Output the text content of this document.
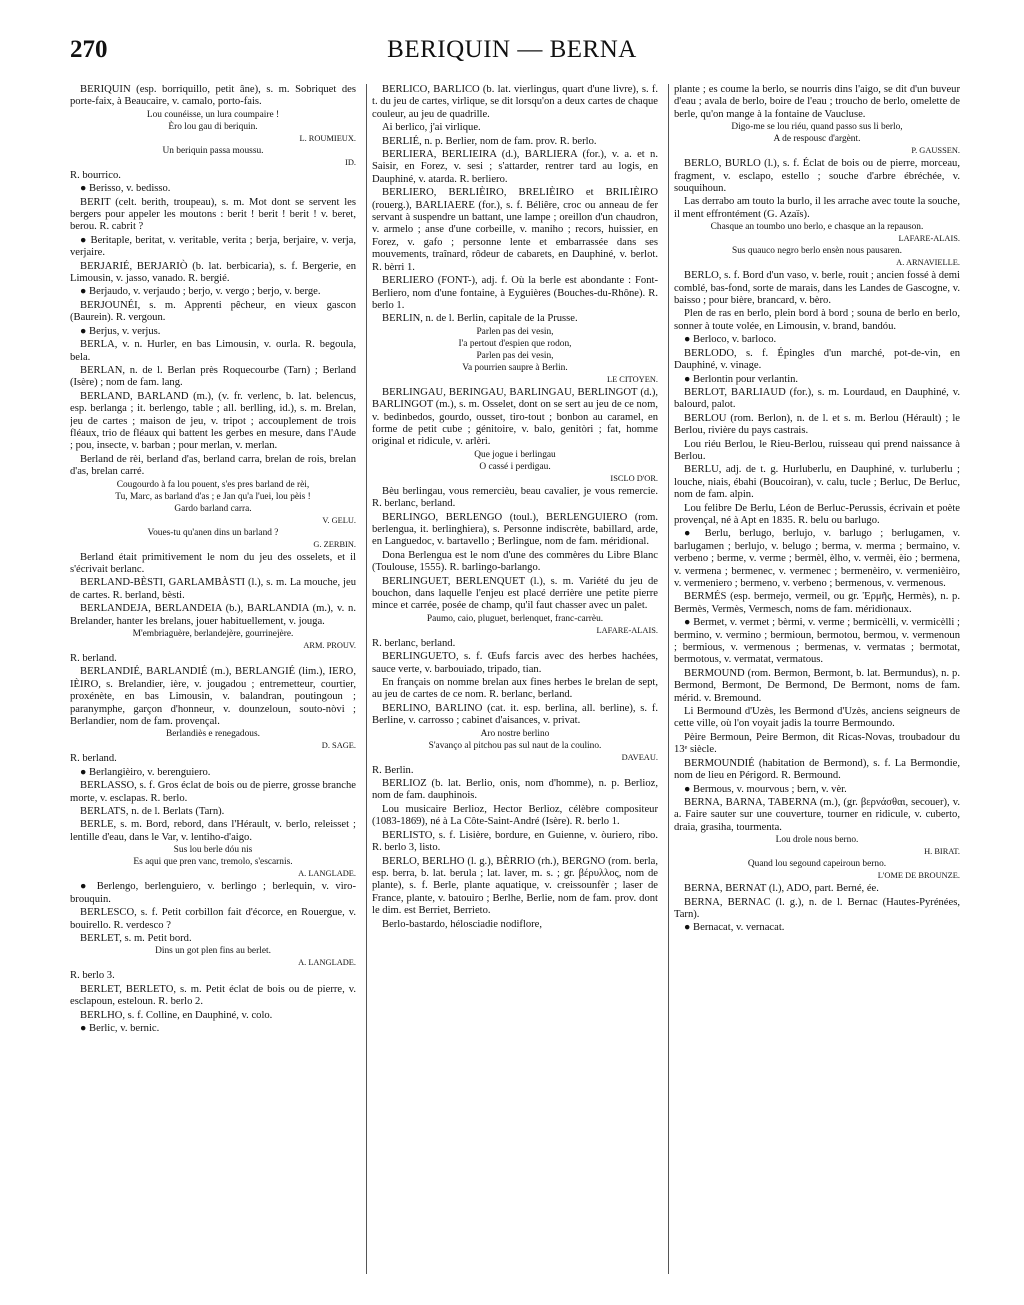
270	BERIQUIN — BERNA

BERIQUIN (esp. borriquillo, petit âne), s. m. Sobriquet des porte-faix, à Beaucaire, v. camalo, porto-fais.

Lou counéisse, un lura coumpaire !

Èro lou gau di beriquin.

L. ROUMIEUX.

Un beriquin passa moussu.

ID.

R. bourrico.

● Berisso, v. bedisso.

BERIT (celt. berith, troupeau), s. m. Mot dont se servent les bergers pour appeler les moutons : berit ! berit ! berit ! v. beret, berou. R. cabrit ?

● Beritaple, beritat, v. veritable, verita ; berja, berjaire, v. verja, verjaire.

BERJARIÉ, BERJARIÒ (b. lat. berbicaria), s. f. Bergerie, en Limousin, v. jasso, vanado. R. bergié.

● Berjaudo, v. verjaudo ; berjo, v. vergo ; berjo, v. berge.

BERJOUNÉI, s. m. Apprenti pêcheur, en vieux gascon (Baurein). R. vergoun.

● Berjus, v. verjus.

BERLA, v. n. Hurler, en bas Limousin, v. ourla. R. begoula, bela.

BERLAN, n. de l. Berlan près Roquecourbe (Tarn) ; Berland (Isère) ; nom de fam. lang.

BERLAND, BARLAND (m.), (v. fr. verlenc, b. lat. belencus, esp. berlanga ; it. berlengo, table ; all. berlling, id.), s. m. Brelan, jeu de cartes ; maison de jeu, v. tripot ; accouplement de trois fléaux, trio de fléaux qui battent les gerbes en mesure, dans l'Aude ; pou, insecte, v. barban ; pour merlan, v. merlan.

Berland de rèi, berland d'as, berland carra, brelan de rois, brelan d'as, brelan carré.

Cougourdo à fa lou pouent, s'es pres barland de rèi,

Tu, Marc, as barland d'as ; e Jan qu'a l'uei, lou pèis !

Gardo barland carra.

V. GELU.

Voues-tu qu'anen dins un barland ?

G. ZERBIN.

Berland était primitivement le nom du jeu des osselets, et il s'écrivait berlanc.

BERLAND-BÈSTI, GARLAMBÀSTI (l.), s. m. La mouche, jeu de cartes. R. berland, bèsti.

BERLANDEJA, BERLANDEIA (b.), BARLANDIA (m.), v. n. Brelander, hanter les brelans, jouer habituellement, v. jouga.

M'embriaguère, berlandejère, gourrinejère.

ARM. PROUV.

R. berland.

BERLANDIÉ, BARLANDIÉ (m.), BERLANGIÉ (lim.), IERO, IÈIRO, s. Brelandier, ière, v. jougadou ; entremetteur, courtier, proxénète, en bas Limousin, v. balandran, poutingoun ; paranymphe, garçon d'honneur, v. dounzeloun, souto-nòvi ; Berlandier, nom de fam. provençal.

Berlandiès e renegadous.

D. SAGE.

R. berland.

● Berlangièiro, v. berenguiero.

BERLASSO, s. f. Gros éclat de bois ou de pierre, grosse branche morte, v. esclapas. R. berlo.

BERLATS, n. de l. Berlats (Tarn).

BERLE, s. m. Bord, rebord, dans l'Hérault, v. berlo, releisset ; lentille d'eau, dans le Var, v. lentiho-d'aigo.

Sus lou berle dóu nis

Es aqui que pren vanc, tremolo, s'escarnis.

A. LANGLADE.

● Berlengo, berlenguiero, v. berlingo ; berlequin, v. vìro-brouquin.

BERLESCO, s. f. Petit corbillon fait d'écorce, en Rouergue, v. bouirello. R. verdesco ?

BERLET, s. m. Petit bord.

Dins un got plen fins au berlet.

A. LANGLADE.

R. berlo 3.

BERLET, BERLETO, s. m. Petit éclat de bois ou de pierre, v. esclapoun, esteloun. R. berlo 2.

BERLHO, s. f. Colline, en Dauphiné, v. colo.

● Berlic, v. bernic.

BERLICO, BARLICO (b. lat. vierlingus, quart d'une livre), s. f. t. du jeu de cartes, virlique, se dit lorsqu'on a deux cartes de chaque couleur, au jeu de quadrille.

Ai berlico, j'ai virlique.

BERLIÉ, n. p. Berlier, nom de fam. prov. R. berlo.

BERLIERA, BERLIEIRA (d.), BARLIERA (for.), v. a. et n. Saisir, en Forez, v. sesi ; s'attarder, rentrer tard au logis, en Dauphiné, v. atarda. R. berliero.

BERLIERO, BERLIÈIRO, BRELIÈIRO et BRILIÈIRO (rouerg.), BARLIAERE (for.), s. f. Béliêre, croc ou anneau de fer servant à suspendre un battant, une lampe ; oreillon d'un chaudron, v. armelo ; anse d'une corbeille, v. maniho ; recors, huissier, en Forez, v. gafo ; personne lente et embarrassée dans ses mouvements, traînard, rôdeur de cabarets, en Dauphiné, v. berlot. R. bèrri 1.

BERLIERO (FONT-), adj. f. Où la berle est abondante : Font-Berliero, nom d'une fontaine, à Eyguières (Bouches-du-Rhône). R. berlo 1.

BERLIN, n. de l. Berlin, capitale de la Prusse.

Parlen pas dei vesin,

I'a pertout d'espien que rodon,

Parlen pas dei vesin,

Va pourrien saupre à Berlin.

LE CITOYEN.

BERLINGAU, BERINGAU, BARLINGAU, BERLINGOT (d.), BARLINGOT (m.), s. m. Osselet, dont on se sert au jeu de ce nom, v. bedinbedos, gourdo, ousset, tiro-tout ; bonbon au caramel, en forme de petit cube ; génitoire, v. balo, genitòri ; fat, homme original et ridicule, v. arlèri.

Que jogue i berlingau

O cassé i perdigau.

ISCLO D'OR.

Bèu berlingau, vous remercièu, beau cavalier, je vous remercie. R. berlanc, berland.

BERLINGO, BERLENGO (toul.), BERLENGUIERO (rom. berlengua, it. berlinghiera), s. Personne indiscrète, babillard, arde, en Languedoc, v. bartavello ; Berlingue, nom de fam. méridional.

Dona Berlengua est le nom d'une des commères du Libre Blanc (Toulouse, 1555). R. barlingo-barlango.

BERLINGUET, BERLENQUET (l.), s. m. Variété du jeu de bouchon, dans laquelle l'enjeu est placé derrière une petite pierre mince et carrée, posée de champ, qu'il faut chasser avec un palet.

Paumo, caio, pluguet, berlenquet, franc-carrèu.

LAFARE-ALAIS.

R. berlanc, berland.

BERLINGUETO, s. f. Œufs farcis avec des herbes hachées, sauce verte, v. barbouiado, tripado, tian.

En français on nomme brelan aux fines herbes le brelan de sept, au jeu de cartes de ce nom. R. berlanc, berland.

BERLINO, BARLINO (cat. it. esp. berlina, all. berline), s. f. Berline, v. carrosso ; cabinet d'aisances, v. privat.

Aro nostre berlino

S'avanço al pitchou pas sul naut de la coulino.

DAVEAU.

R. Berlin.

BERLIOZ (b. lat. Berlio, onis, nom d'homme), n. p. Berlioz, nom de fam. dauphinois.

Lou musicaire Berlioz, Hector Berlioz, célèbre compositeur (1083-1869), né à La Côte-Saint-André (Isère). R. berlo 1.

BERLISTO, s. f. Lisière, bordure, en Guienne, v. òuriero, ribo. R. berlo 3, listo.

BERLO, BERLHO (l. g.), BÈRRIO (rh.), BERGNO (rom. berla, esp. berra, b. lat. berula ; lat. laver, m. s. ; gr. βέρυλλος, nom de plante), s. f. Berle, plante aquatique, v. creissounfèr ; laser de France, plante, v. batouiro ; Berlhe, Berlie, nom de fam. prov. dont le dim. est Berriet, Berrieto.

Berlo-bastardo, hélosciadie nodiflore,

plante ; es coume la berlo, se nourris dins l'aigo, se dit d'un buveur d'eau ; avala de berlo, boire de l'eau ; troucho de berlo, omelette de berle, qu'on mange à la fontaine de Vaucluse.

Digo-me se lou riéu, quand passo sus li berlo,

A de respousc d'argènt.

P. GAUSSEN.

BERLO, BURLO (l.), s. f. Éclat de bois ou de pierre, morceau, fragment, v. esclapo, estello ; souche d'arbre ébréchée, v. souquihoun.

Las derrabo am touto la burlo, il les arrache avec toute la souche, il ment effrontément (G. Azaïs).

Chasque an toumbo uno berlo, e chasque an la repauson.

LAFARE-ALAIS.

Sus quauco negro berlo ensèn nous pausaren.

A. ARNAVIELLE.

BERLO, s. f. Bord d'un vaso, v. berle, rouit ; ancien fossé à demi comblé, bas-fond, sorte de marais, dans les Landes de Gascogne, v. baisso ; pour bière, brancard, v. bèro.

Plen de ras en berlo, plein bord à bord ; souna de berlo en berlo, sonner à toute volée, en Limousin, v. brand, bandóu.

● Berloco, v. barloco.

BERLODO, s. f. Épingles d'un marché, pot-de-vin, en Dauphiné, v. vinage.

● Berlontin pour verlantin.

BERLOT, BARLIAUD (for.), s. m. Lourdaud, en Dauphiné, v. balourd, palot.

BERLOU (rom. Berlon), n. de l. et s. m. Berlou (Hérault) ; le Berlou, rivière du pays castrais.

Lou riéu Berlou, le Rieu-Berlou, ruisseau qui prend naissance à Berlou.

BERLU, adj. de t. g. Hurluberlu, en Dauphiné, v. turluberlu ; louche, niais, ébahi (Boucoiran), v. calu, tucle ; Berluc, De Berluc, nom de fam. alpin.

Lou felibre De Berlu, Léon de Berluc-Perussis, écrivain et poète provençal, né à Apt en 1835. R. belu ou barlugo.

● Berlu, berlugo, berlujo, v. barlugo ; berlugamen, v. barlugamen ; berlujo, v. belugo ; berma, v. merma ; bermaino, v. verbeno ; berme, v. verme ; bermèl, èlho, v. vermèi, èio ; bermena, v. vermena ; bermenec, v. vermenec ; bermenèiro, v. vermenièiro, v. vermeniero ; bermeno, v. verbeno ; bermenous, v. vermenous.

BERMÉS (esp. bermejo, vermeil, ou gr. Ἑρμῆς, Hermès), n. p. Bermès, Vermès, Vermesch, noms de fam. méridionaux.

● Bermet, v. vermet ; bèrmi, v. verme ; bermicèlli, v. vermicèlli ; bermino, v. vermino ; bermioun, bermotou, bermou, v. vermenoun ; bermious, v. vermenous ; bermenas, v. vermatas ; bermotat, bermotous, v. vermatat, vermatous.

BERMOUND (rom. Bermon, Bermont, b. lat. Bermundus), n. p. Bermond, Bermont, De Bermond, De Bermont, noms de fam. mérid. v. Bremound.

Li Bermound d'Uzès, les Bermond d'Uzès, anciens seigneurs de cette ville, où l'on voyait jadis la tourre Bermoundo.

Pèire Bermoun, Peire Bermon, dit Ricas-Novas, troubadour du 13ᵉ siècle.

BERMOUNDIÉ (habitation de Bermond), s. f. La Bermondie, nom de lieu en Périgord. R. Bermound.

● Bermous, v. mourvous ; bern, v. vèr.

BERNA, BARNA, TABERNA (m.), (gr. βερνάσθαι, secouer), v. a. Faire sauter sur une couverture, tourner en ridicule, v. cuberto, draia, grasiha, tourmenta.

Lou drole nous berno.

H. BIRAT.

Quand lou segound capeiroun berno.

L'OME DE BROUNZE.

BERNA, BERNAT (l.), ADO, part. Berné, ée.

BERNA, BERNAC (l. g.), n. de l. Bernac (Hautes-Pyrénées, Tarn).

● Bernacat, v. vernacat.
